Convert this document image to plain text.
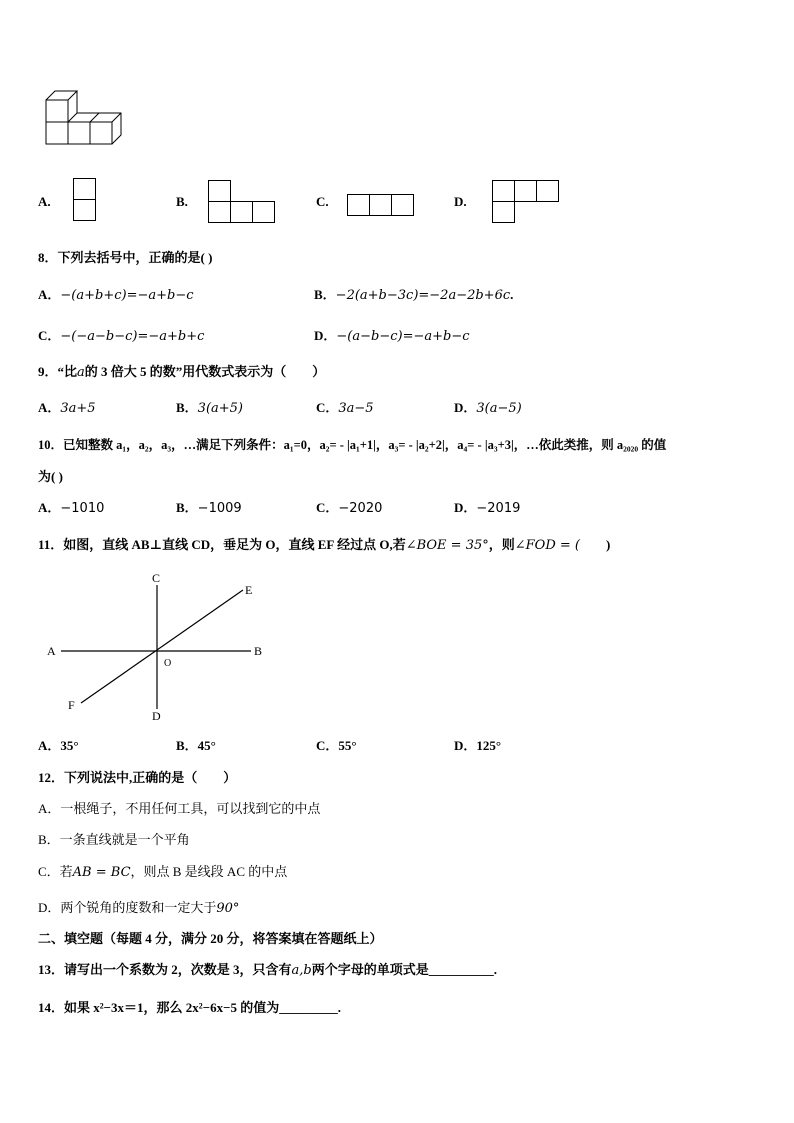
A.	B.	C.	D.
8．下列去括号中，正确的是( )
A．−(a+b+c)=−a+b−c	B．−2(a+b−3c)=−2a−2b+6c.
C．−(−a−b−c)=−a+b+c	D．−(a−b−c)=−a+b−c
9．“比a的 3 倍大 5 的数”用代数式表示为（　　）
A．3a+5	B．3(a+5)	C．3a−5	D．3(a−5)
10．已知整数 a₁，a₂，a₃，…满足下列条件：a₁=0，a₂= - |a₁+1|，a₃= - |a₂+2|，a₄= - |a₃+3|，…依此类推，则 a₂₀₂₀ 的值
为( )
A．−1010	B．−1009	C．−2020	D．−2019
11．如图，直线 AB⊥直线 CD，垂足为 O，直线 EF 经过点 O,若∠BOE = 35°，则∠FOD = (　　)
A	B
C
D
E
F
O
A．35°	B．45°	C．55°	D．125°
12．下列说法中,正确的是（　　）
A．一根绳子，不用任何工具，可以找到它的中点
B．一条直线就是一个平角
C．若AB = BC，则点 B 是线段 AC 的中点
D．两个锐角的度数和一定大于90°
二、填空题（每题 4 分，满分 20 分，将答案填在答题纸上）
13．请写出一个系数为 2，次数是 3，只含有a,b两个字母的单项式是__________.
14．如果 x²−3x＝1，那么 2x²−6x−5 的值为_________.
